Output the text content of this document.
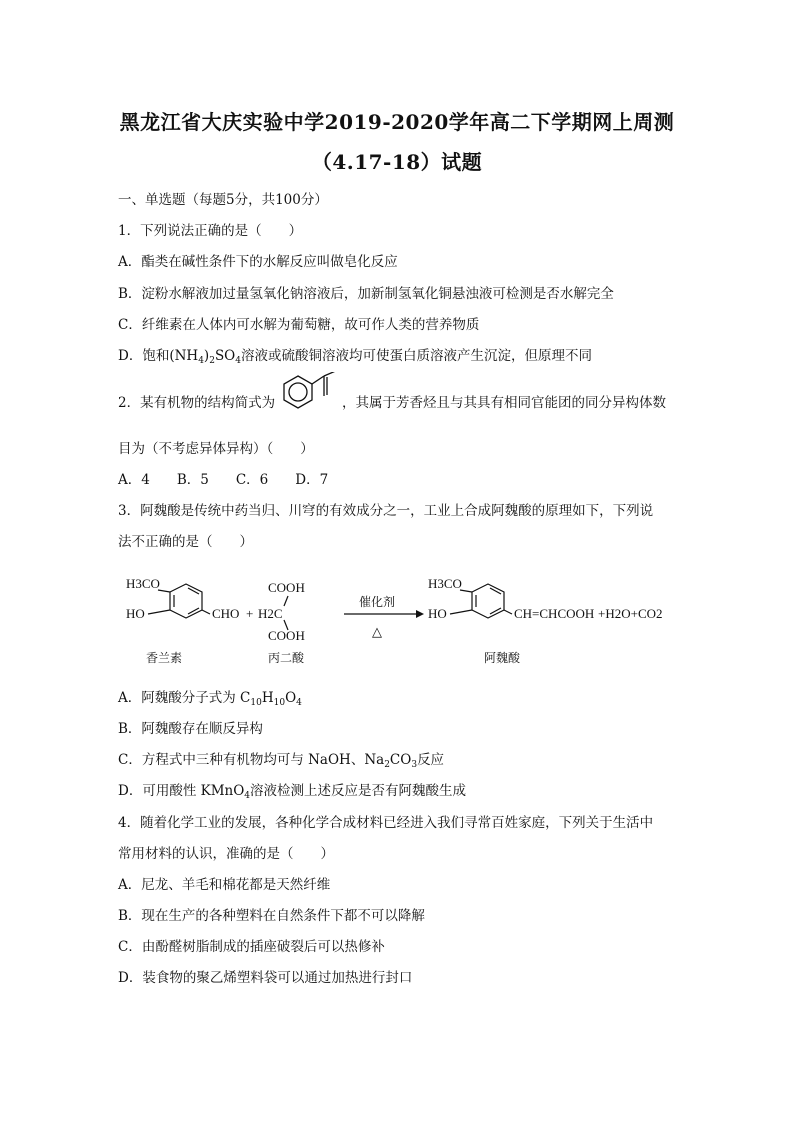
黑龙江省大庆实验中学2019-2020学年高二下学期网上周测
（4.17-18）试题
一、单选题（每题5分，共100分）
1．下列说法正确的是（　　）
A．酯类在碱性条件下的水解反应叫做皂化反应
B．淀粉水解液加过量氢氧化钠溶液后，加新制氢氧化铜悬浊液可检测是否水解完全
C．纤维素在人体内可水解为葡萄糖，故可作人类的营养物质
D．饱和$(NH_4)_2SO_4$溶液或硫酸铜溶液均可使蛋白质溶液产生沉淀，但原理不同
2．某有机物的结构简式为	，其属于芳香烃且与其具有相同官能团的同分异构体数
目为（不考虑异体异构）（　　）
A．4　　B．5　　C．6　　D．7
3．阿魏酸是传统中药当归、川穹的有效成分之一，工业上合成阿魏酸的原理如下，下列说
法不正确的是（　　）
H3CO
HO	CHO +
COOH
H2C
COOH
催化剂
△
H3CO
HO	CH=CHCOOH +H2O+CO2
香兰素	丙二酸	阿魏酸
A．阿魏酸分子式为 $C_{10}H_{10}O_4$
B．阿魏酸存在顺反异构
C．方程式中三种有机物均可与 NaOH、$Na_2CO_3$反应
D．可用酸性 KMnO$_4$溶液检测上述反应是否有阿魏酸生成
4．随着化学工业的发展，各种化学合成材料已经进入我们寻常百姓家庭，下列关于生活中
常用材料的认识，准确的是（　　）
A．尼龙、羊毛和棉花都是天然纤维
B．现在生产的各种塑料在自然条件下都不可以降解
C．由酚醛树脂制成的插座破裂后可以热修补
D．装食物的聚乙烯塑料袋可以通过加热进行封口
